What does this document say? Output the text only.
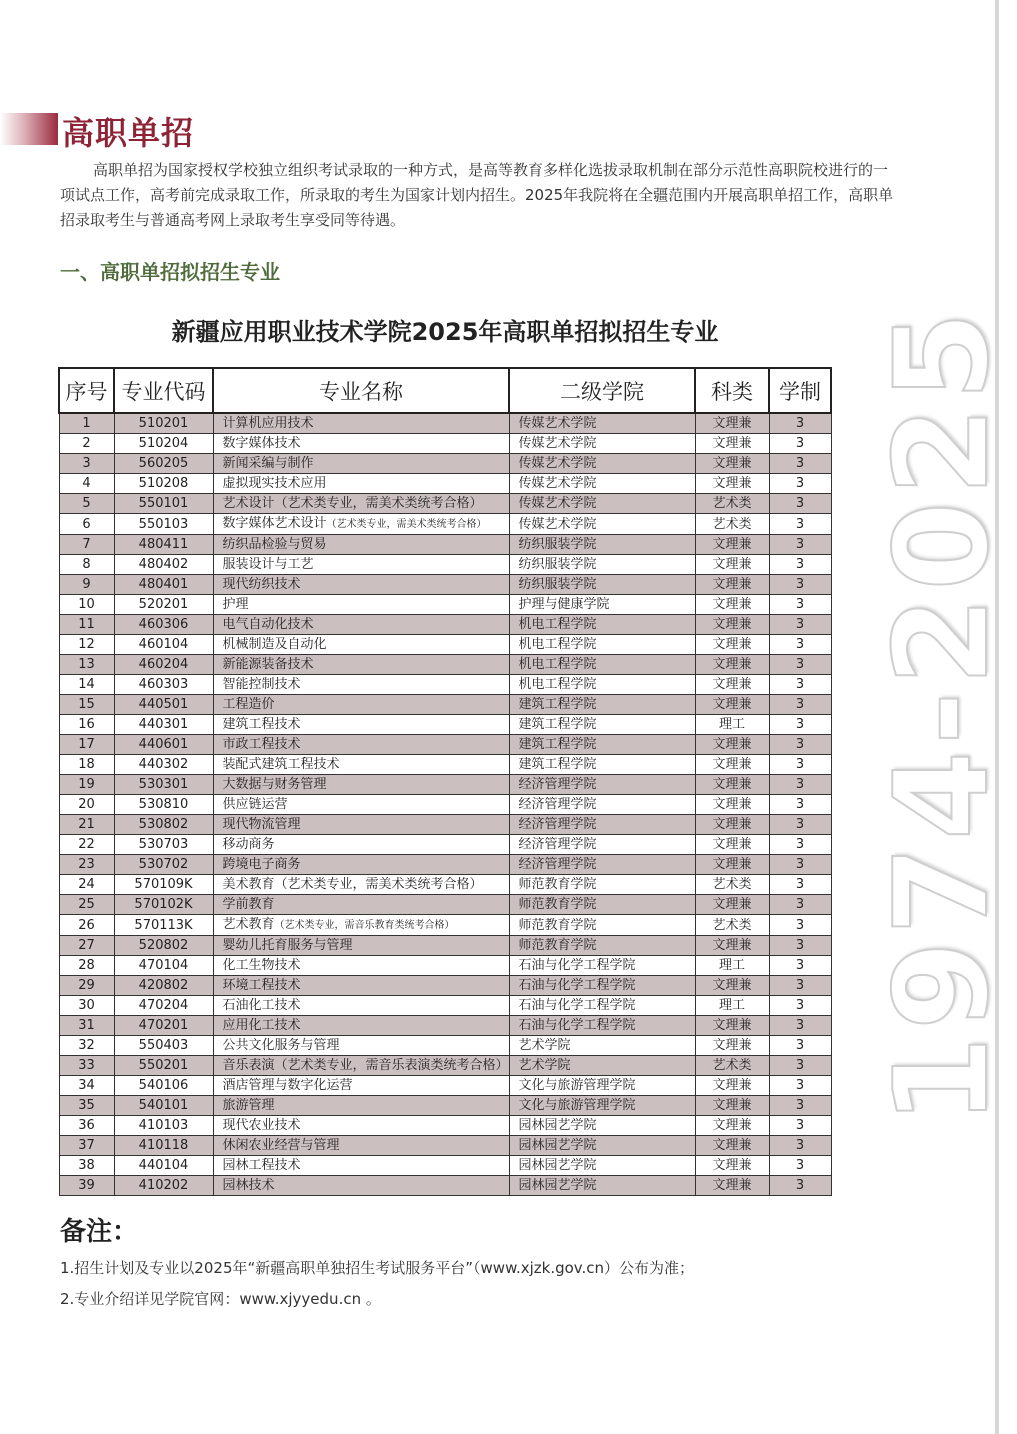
高职单招

高职单招为国家授权学校独立组织考试录取的一种方式，是高等教育多样化选拔录取机制在部分示范性高职院校进行的一项试点工作，高考前完成录取工作，所录取的考生为国家计划内招生。2025年我院将在全疆范围内开展高职单招工作，高职单招录取考生与普通高考网上录取考生享受同等待遇。

一、高职单招拟招生专业
新疆应用职业技术学院2025年高职单招拟招生专业
序号	专业代码	专业名称	二级学院	科类	学制
1	510201	计算机应用技术	传媒艺术学院	文理兼	3
2	510204	数字媒体技术	传媒艺术学院	文理兼	3
3	560205	新闻采编与制作	传媒艺术学院	文理兼	3
4	510208	虚拟现实技术应用	传媒艺术学院	文理兼	3
5	550101	艺术设计（艺术类专业，需美术类统考合格）	传媒艺术学院	艺术类	3
6	550103	数字媒体艺术设计（艺术类专业，需美术类统考合格）	传媒艺术学院	艺术类	3
7	480411	纺织品检验与贸易	纺织服装学院	文理兼	3
8	480402	服装设计与工艺	纺织服装学院	文理兼	3
9	480401	现代纺织技术	纺织服装学院	文理兼	3
10	520201	护理	护理与健康学院	文理兼	3
11	460306	电气自动化技术	机电工程学院	文理兼	3
12	460104	机械制造及自动化	机电工程学院	文理兼	3
13	460204	新能源装备技术	机电工程学院	文理兼	3
14	460303	智能控制技术	机电工程学院	文理兼	3
15	440501	工程造价	建筑工程学院	文理兼	3
16	440301	建筑工程技术	建筑工程学院	理工	3
17	440601	市政工程技术	建筑工程学院	文理兼	3
18	440302	装配式建筑工程技术	建筑工程学院	文理兼	3
19	530301	大数据与财务管理	经济管理学院	文理兼	3
20	530810	供应链运营	经济管理学院	文理兼	3
21	530802	现代物流管理	经济管理学院	文理兼	3
22	530703	移动商务	经济管理学院	文理兼	3
23	530702	跨境电子商务	经济管理学院	文理兼	3
24	570109K	美术教育（艺术类专业，需美术类统考合格）	师范教育学院	艺术类	3
25	570102K	学前教育	师范教育学院	文理兼	3
26	570113K	艺术教育（艺术类专业，需音乐教育类统考合格）	师范教育学院	艺术类	3
27	520802	婴幼儿托育服务与管理	师范教育学院	文理兼	3
28	470104	化工生物技术	石油与化学工程学院	理工	3
29	420802	环境工程技术	石油与化学工程学院	文理兼	3
30	470204	石油化工技术	石油与化学工程学院	理工	3
31	470201	应用化工技术	石油与化学工程学院	文理兼	3
32	550403	公共文化服务与管理	艺术学院	文理兼	3
33	550201	音乐表演（艺术类专业，需音乐表演类统考合格）	艺术学院	艺术类	3
34	540106	酒店管理与数字化运营	文化与旅游管理学院	文理兼	3
35	540101	旅游管理	文化与旅游管理学院	文理兼	3
36	410103	现代农业技术	园林园艺学院	文理兼	3
37	410118	休闲农业经营与管理	园林园艺学院	文理兼	3
38	440104	园林工程技术	园林园艺学院	文理兼	3
39	410202	园林技术	园林园艺学院	文理兼	3
1974-2025
备注：
1.招生计划及专业以2025年“新疆高职单独招生考试服务平台”（www.xjzk.gov.cn）公布为准；
2.专业介绍详见学院官网：www.xjyyedu.cn 。
